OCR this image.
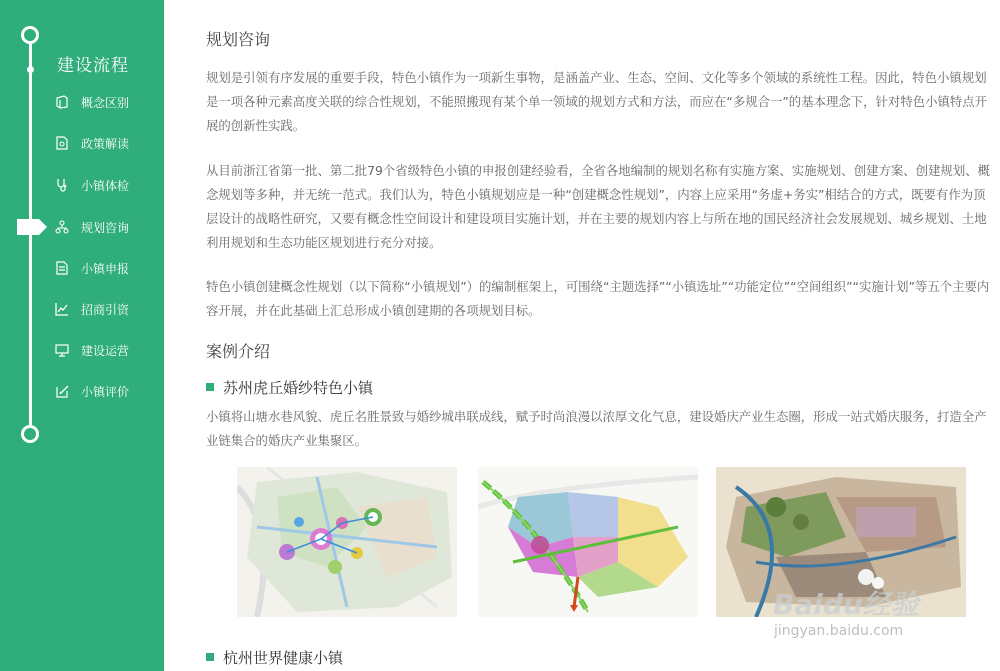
建设流程
概念区别
政策解读
小镇体检
规划咨询
小镇申报
招商引资
建设运营
小镇评价
规划咨询

规划是引领有序发展的重要手段，特色小镇作为一项新生事物，是涵盖产业、生态、空间、文化等多个领域的系统性工程。因此，特色小镇规划是一项各种元素高度关联的综合性规划，不能照搬现有某个单一领域的规划方式和方法，而应在“多规合一”的基本理念下，针对特色小镇特点开展的创新性实践。

从目前浙江省第一批、第二批79个省级特色小镇的申报创建经验看，全省各地编制的规划名称有实施方案、实施规划、创建方案、创建规划、概念规划等多种，并无统一范式。我们认为，特色小镇规划应是一种“创建概念性规划”，内容上应采用“务虚+务实”相结合的方式，既要有作为顶层设计的战略性研究，又要有概念性空间设计和建设项目实施计划，并在主要的规划内容上与所在地的国民经济社会发展规划、城乡规划、土地利用规划和生态功能区规划进行充分对接。

特色小镇创建概念性规划（以下简称“小镇规划”）的编制框架上，可围绕“主题选择”“小镇选址”“功能定位”“空间组织”“实施计划”等五个主要内容开展，并在此基础上汇总形成小镇创建期的各项规划目标。

案例介绍
苏州虎丘婚纱特色小镇

小镇将山塘水巷风貌、虎丘名胜景致与婚纱城串联成线，赋予时尚浪漫以浓厚文化气息，建设婚庆产业生态圈，形成一站式婚庆服务，打造全产业链集合的婚庆产业集聚区。

杭州世界健康小镇
Baidu经验
jingyan.baidu.com
